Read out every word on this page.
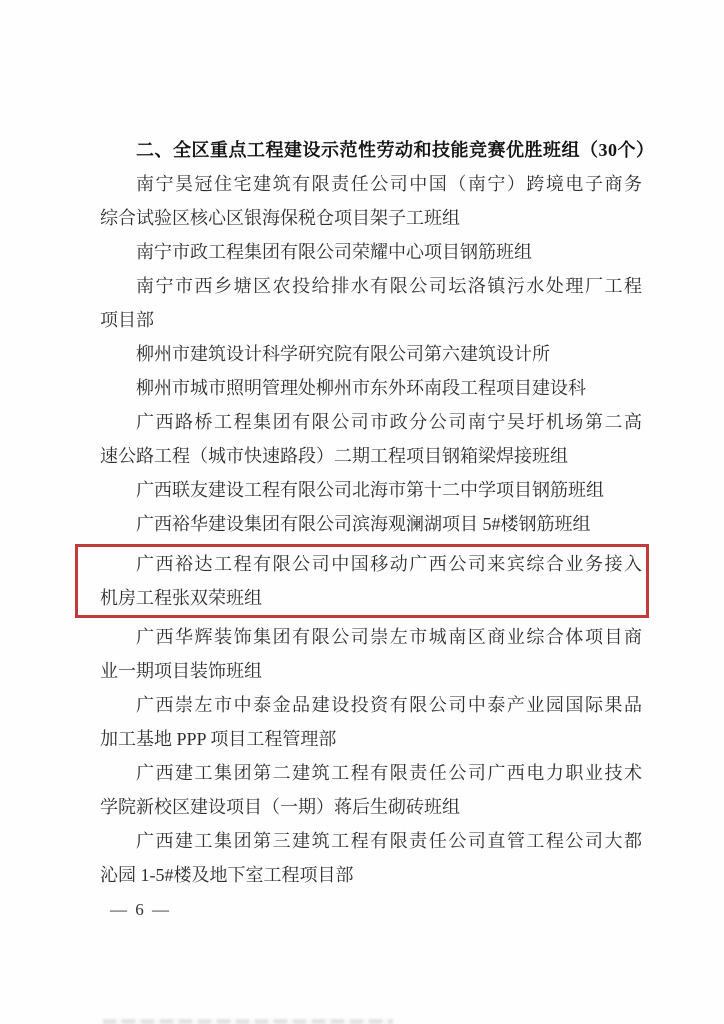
二、全区重点工程建设示范性劳动和技能竞赛优胜班组（30个）
南宁昊冠住宅建筑有限责任公司中国（南宁）跨境电子商务
综合试验区核心区银海保税仓项目架子工班组
南宁市政工程集团有限公司荣耀中心项目钢筋班组
南宁市西乡塘区农投给排水有限公司坛洛镇污水处理厂工程
项目部
柳州市建筑设计科学研究院有限公司第六建筑设计所
柳州市城市照明管理处柳州市东外环南段工程项目建设科
广西路桥工程集团有限公司市政分公司南宁吴圩机场第二高
速公路工程（城市快速路段）二期工程项目钢箱梁焊接班组
广西联友建设工程有限公司北海市第十二中学项目钢筋班组
广西裕华建设集团有限公司滨海观澜湖项目 5#楼钢筋班组
广西裕达工程有限公司中国移动广西公司来宾综合业务接入
机房工程张双荣班组
广西华辉装饰集团有限公司崇左市城南区商业综合体项目商
业一期项目装饰班组
广西崇左市中泰金品建设投资有限公司中泰产业园国际果品
加工基地 PPP 项目工程管理部
广西建工集团第二建筑工程有限责任公司广西电力职业技术
学院新校区建设项目（一期）蒋后生砌砖班组
广西建工集团第三建筑工程有限责任公司直管工程公司大都
沁园 1-5#楼及地下室工程项目部
— 6 —
